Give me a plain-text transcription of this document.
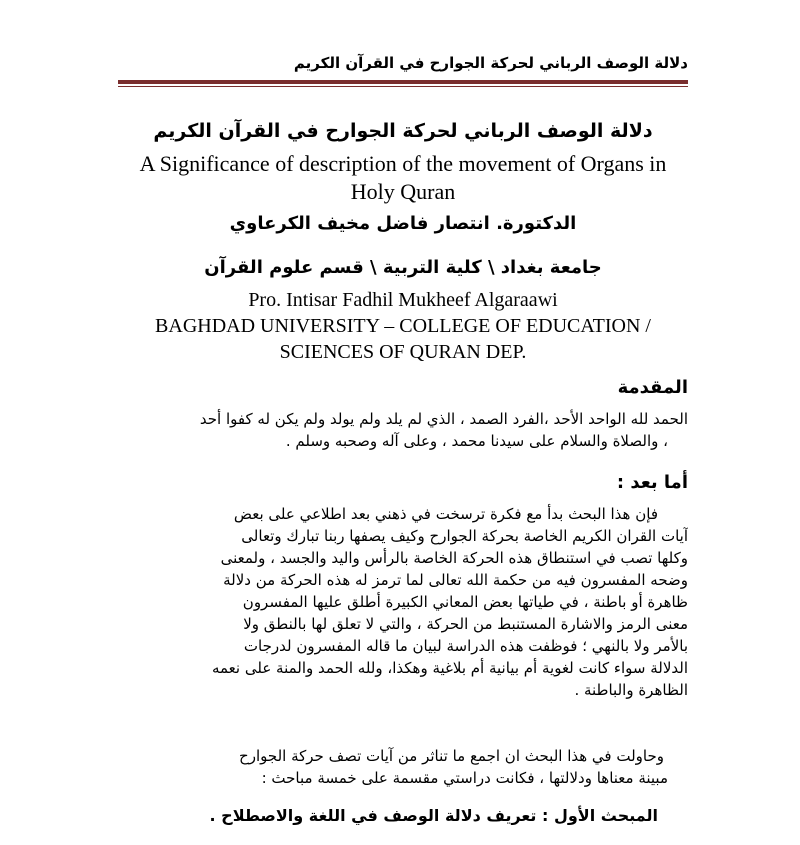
دلالة الوصف الرباني لحركة الجوارح في القرآن الكريم
دلالة الوصف الرباني لحركة الجوارح في القرآن الكريم
A Significance of description of the movement of Organs in
Holy Quran
الدكتورة. انتصار فاضل مخيف الكرعاوي
جامعة بغداد \ كلية التربية \ قسم علوم القرآن
Pro. Intisar Fadhil Mukheef Algaraawi
BAGHDAD UNIVERSITY – COLLEGE OF EDUCATION /
SCIENCES OF QURAN DEP.
المقدمة
الحمد لله الواحد الأحد ،الفرد الصمد ، الذي لم يلد ولم يولد ولم يكن له كفوا أحد
، والصلاة والسلام على سيدنا محمد ، وعلى آله وصحبه وسلم .
أما بعد :
فإن هذا البحث بدأ مع فكرة ترسخت في ذهني بعد اطلاعي على بعض
آيات القران الكريم الخاصة بحركة الجوارح وكيف يصفها ربنا تبارك وتعالى
وكلها تصب في استنطاق هذه الحركة الخاصة بالرأس واليد والجسد ، ولمعنى
وضحه المفسرون فيه من حكمة الله تعالى لما ترمز له هذه الحركة من دلالة
ظاهرة أو باطنة ، في طياتها بعض المعاني الكبيرة أطلق عليها المفسرون
معنى الرمز والاشارة المستنبط من الحركة ، والتي لا تعلق لها بالنطق ولا
بالأمر ولا بالنهي ؛ فوظفت هذه الدراسة لبيان ما قاله المفسرون لدرجات
الدلالة سواء كانت لغوية أم بيانية أم بلاغية وهكذا، ولله الحمد والمنة على نعمه
الظاهرة والباطنة .
وحاولت في هذا البحث ان اجمع ما تناثر من آيات تصف حركة الجوارح
مبينة معناها ودلالتها ، فكانت دراستي مقسمة على خمسة مباحث :
المبحث الأول : تعريف دلالة الوصف في اللغة والاصطلاح .
